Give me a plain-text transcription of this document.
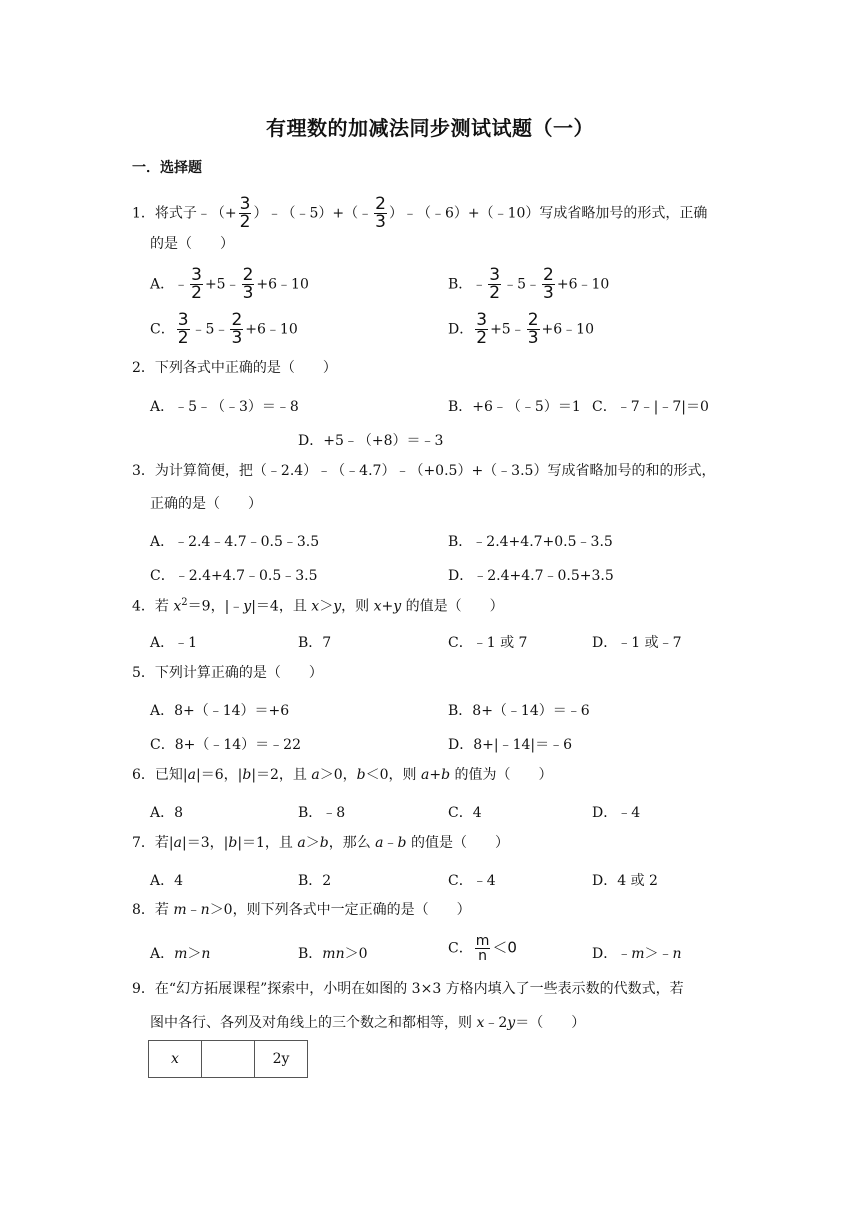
有理数的加减法同步测试试题（一）
一．选择题
1．将式子﹣（+ $\frac{3}{2}$ ）﹣（﹣5）+（﹣ $\frac{2}{3}$ ）﹣（﹣6）+（﹣10）写成省略加号的形式，正确
的是（　　）
A．﹣ $\frac{3}{2}$ +5﹣ $\frac{2}{3}$ +6﹣10	B．﹣ $\frac{3}{2}$ ﹣5﹣ $\frac{2}{3}$ +6﹣10
C． $\frac{3}{2}$ ﹣5﹣ $\frac{2}{3}$ +6﹣10	D． $\frac{3}{2}$ +5﹣ $\frac{2}{3}$ +6﹣10
2．下列各式中正确的是（　　）
A．﹣5﹣（﹣3）＝﹣8	B．+6﹣（﹣5）＝1 C．﹣7﹣|﹣7|＝0
D．+5﹣（+8）＝﹣3
3．为计算简便，把（﹣2.4）﹣（﹣4.7）﹣（+0.5）+（﹣3.5）写成省略加号的和的形式，
正确的是（　　）
A．﹣2.4﹣4.7﹣0.5﹣3.5	B．﹣2.4+4.7+0.5﹣3.5
C．﹣2.4+4.7﹣0.5﹣3.5	D．﹣2.4+4.7﹣0.5+3.5
4．若 $x^2=9$，|﹣y|＝4，且 x＞y，则 x+y 的值是（　　）
A．﹣1	B．7	C．﹣1 或 7	D．﹣1 或﹣7
5．下列计算正确的是（　　）
A．8+（﹣14）＝+6	B．8+（﹣14）＝﹣6
C．8+（﹣14）＝﹣22	D．8+|﹣14|＝﹣6
6．已知|a|＝6，|b|＝2，且 a＞0，b＜0，则 a+b 的值为（　　）
A．8	B．﹣8	C．4	D．﹣4
7．若|a|＝3，|b|＝1，且 a＞b，那么 a﹣b 的值是（　　）
A．4	B．2	C．﹣4	D．4 或 2
8．若 m﹣n＞0，则下列各式中一定正确的是（　　）
A．m＞n	B．mn＞0	C． $\frac{m}{n} <0$	D．﹣m＞﹣n
9．在“幻方拓展课程”探索中，小明在如图的 3×3 方格内填入了一些表示数的代数式，若
图中各行、各列及对角线上的三个数之和都相等，则 x﹣2y＝（　　）
x		2y
